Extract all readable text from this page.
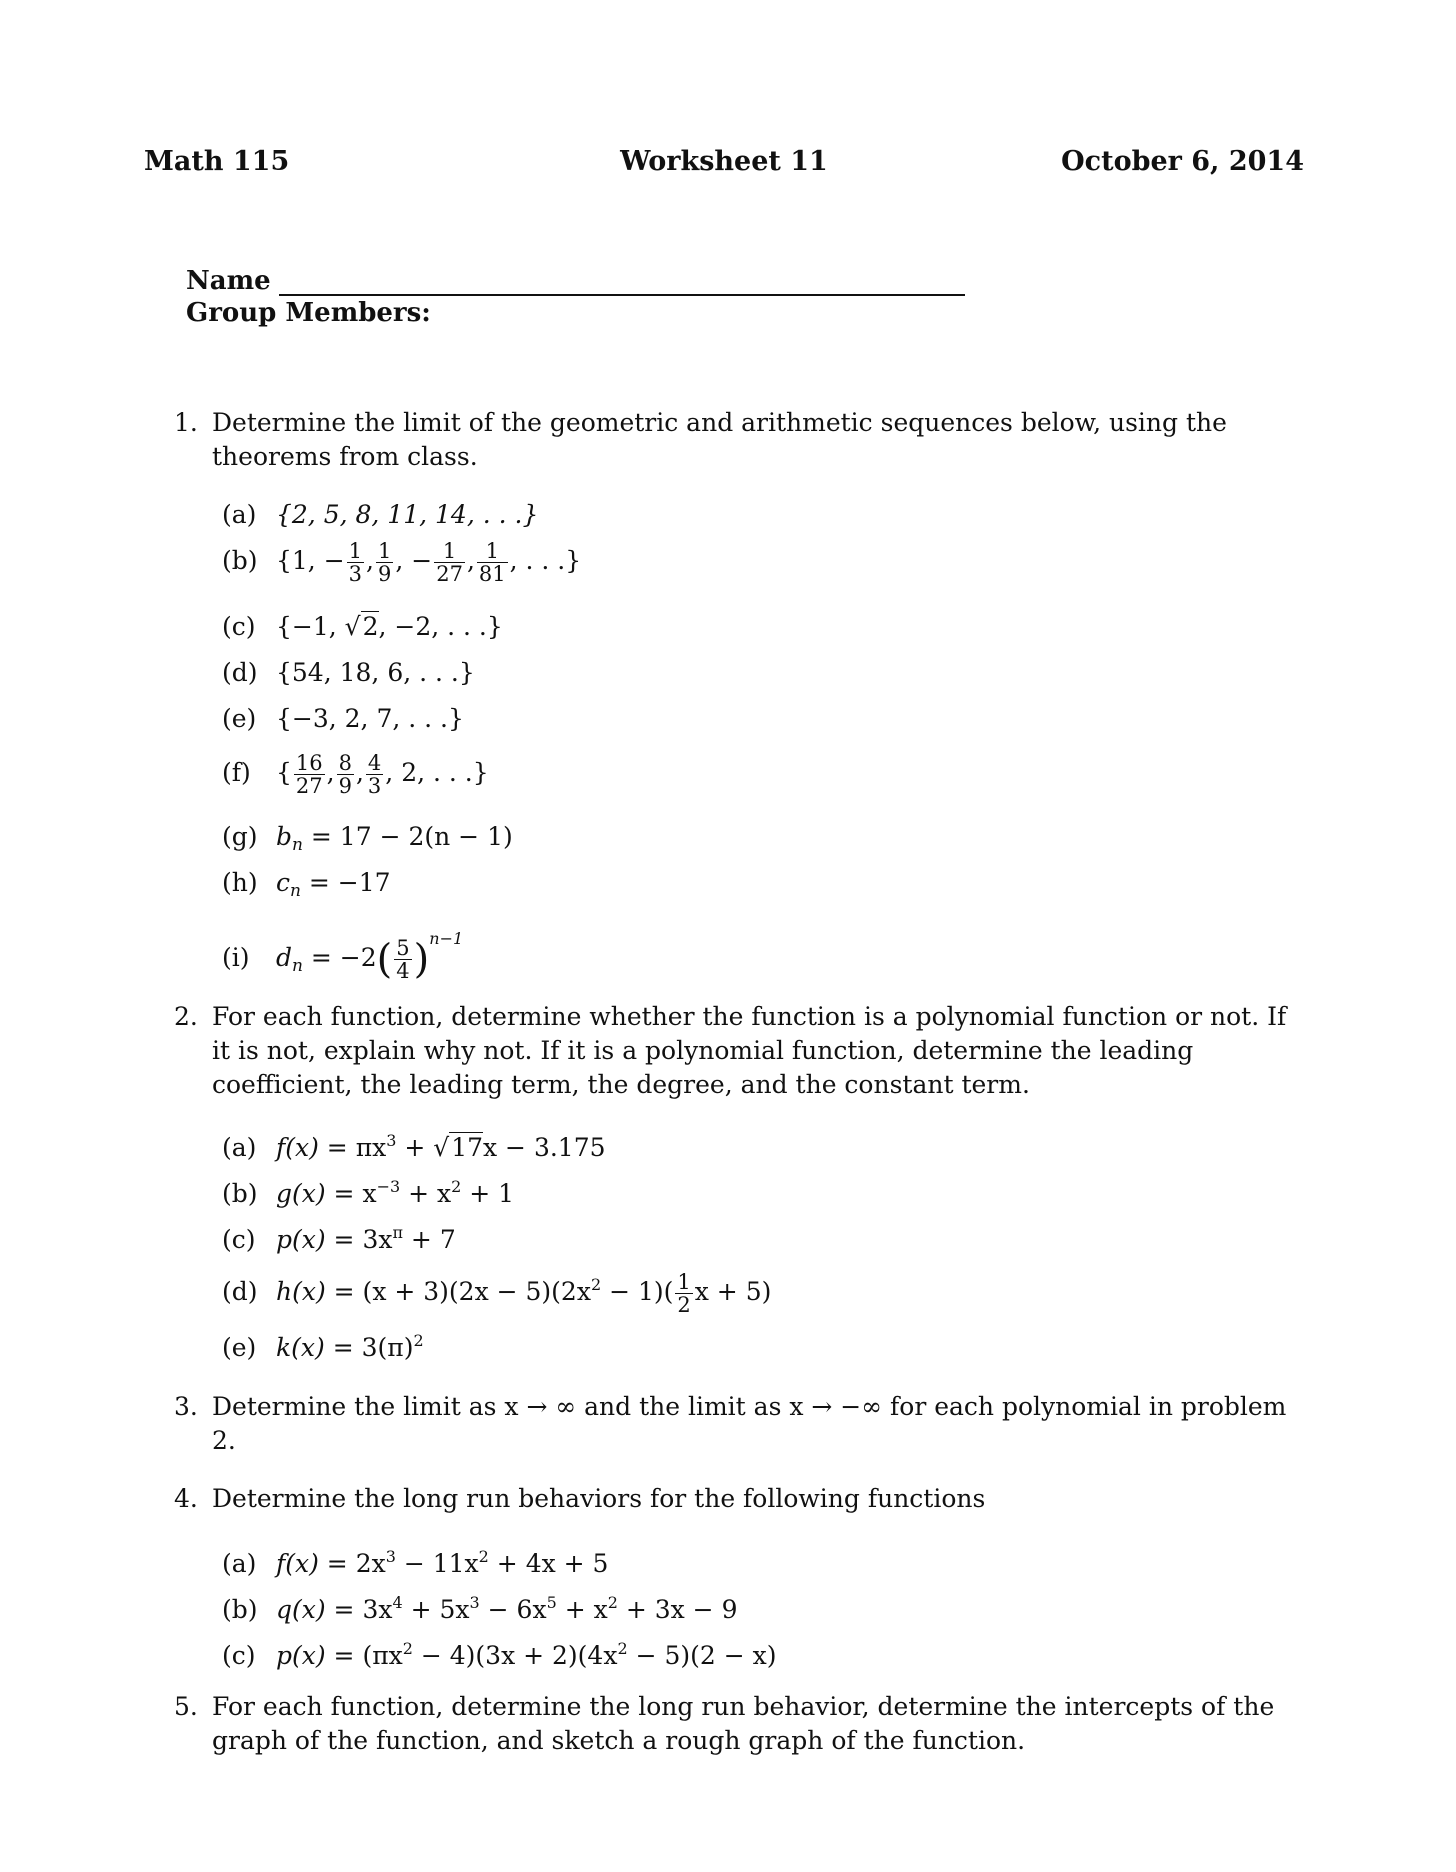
Math 115	Worksheet 11	October 6, 2014
Name
Group Members:
1. Determine the limit of the geometric and arithmetic sequences below, using the theorems from class.
(a) {2, 5, 8, 11, 14, . . .}
(b) {1, − $\frac{1}{3}$ , $\frac{1}{9}$ , − $\frac{1}{27}$ , $\frac{1}{81}$ , . . .}
(c) {−1, √2, −2, . . .}
(d) {54, 18, 6, . . .}
(e) {−3, 2, 7, . . .}
(f) { $\frac{16}{27}$ , $\frac{8}{9}$ , $\frac{4}{3}$ , 2, . . .}
(g) $b_n = 17 - 2(n - 1)$
(h) $c_n = -17$
(i) $d_n = -2( \frac{5}{4} )^{n-1}$
2. For each function, determine whether the function is a polynomial function or not. If it is not, explain why not. If it is a polynomial function, determine the leading coefficient, the leading term, the degree, and the constant term.
(a) $f(x) = \pi x^3 + √17x - 3.175$
(b) $g(x) = x^{-3} + x^2 + 1$
(c) $p(x) = 3x^\pi + 7$
(d) $h(x) = (x + 3)(2x - 5)(2x^2 - 1)( \frac{1}{2}$ x + 5)
(e) $k(x) = 3(\pi)^2$
3. Determine the limit as x → ∞ and the limit as x → −∞ for each polynomial in problem 2.
4. Determine the long run behaviors for the following functions
(a) $f(x) = 2x^3 - 11x^2 + 4x + 5$
(b) $q(x) = 3x^4 + 5x^3 - 6x^5 + x^2 + 3x - 9$
(c) $p(x) = (\pi x^2 - 4)(3x + 2)(4x^2 - 5)(2 - x)$
5. For each function, determine the long run behavior, determine the intercepts of the graph of the function, and sketch a rough graph of the function.
